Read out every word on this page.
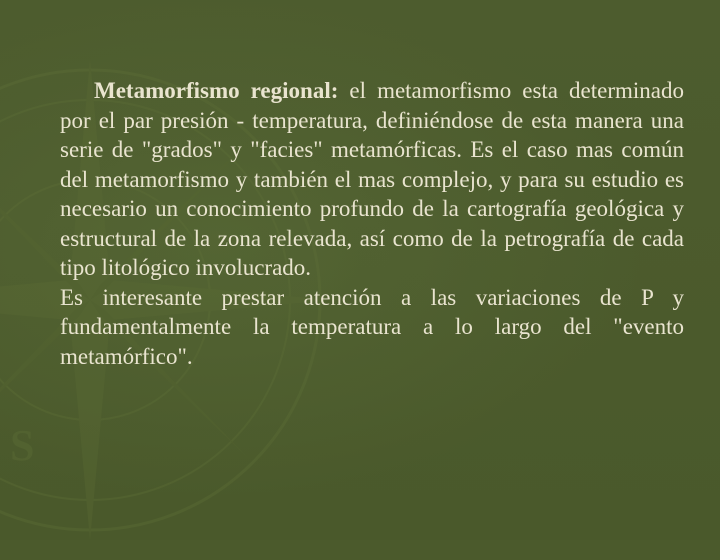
S

Metamorfismo regional: el metamorfismo esta determinado por el par presión - temperatura, definiéndose de esta manera una serie de "grados" y "facies" metamórficas. Es el caso mas común del metamorfismo y también el mas complejo, y para su estudio es necesario un conocimiento profundo de la cartografía geológica y estructural de la zona relevada, así como de la petrografía de cada tipo litológico involucrado.

Es interesante prestar atención a las variaciones de P y fundamentalmente la temperatura a lo largo del "evento metamórfico".
